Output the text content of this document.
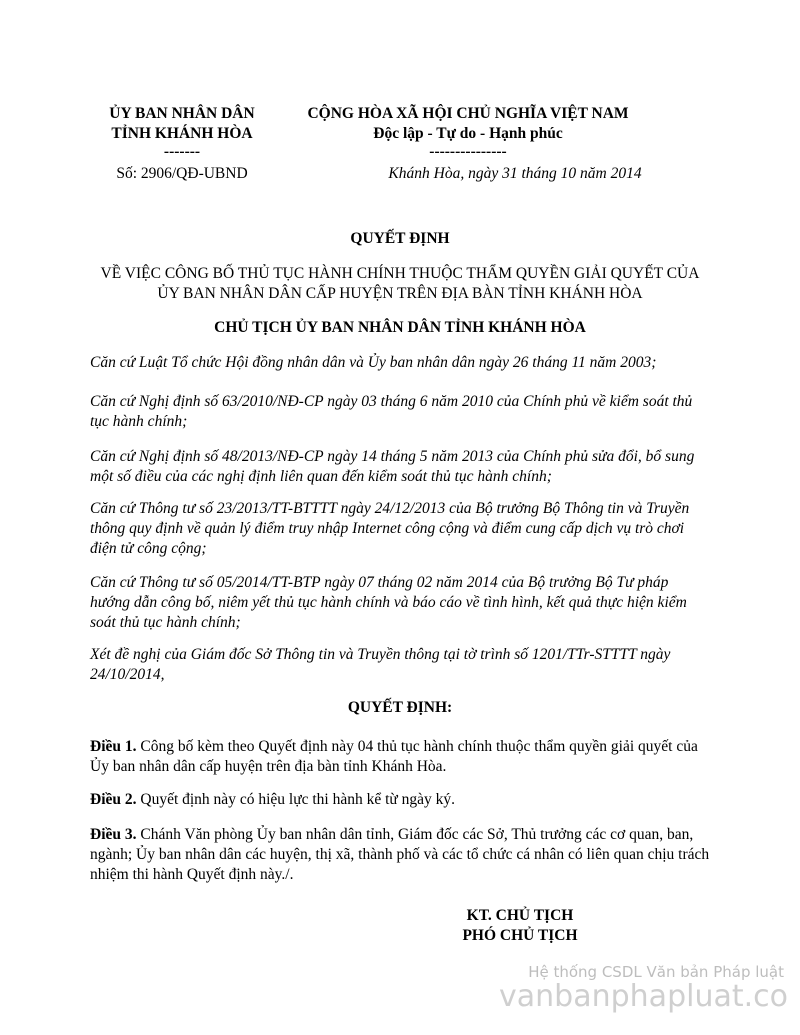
ỦY BAN NHÂN DÂN
TỈNH KHÁNH HÒA
-------
Số: 2906/QĐ-UBND
CỘNG HÒA XÃ HỘI CHỦ NGHĨA VIỆT NAM
Độc lập - Tự do - Hạnh phúc
---------------
Khánh Hòa, ngày 31 tháng 10 năm 2014
QUYẾT ĐỊNH
VỀ VIỆC CÔNG BỐ THỦ TỤC HÀNH CHÍNH THUỘC THẨM QUYỀN GIẢI QUYẾT CỦA
ỦY BAN NHÂN DÂN CẤP HUYỆN TRÊN ĐỊA BÀN TỈNH KHÁNH HÒA
CHỦ TỊCH ỦY BAN NHÂN DÂN TỈNH KHÁNH HÒA
Căn cứ Luật Tổ chức Hội đồng nhân dân và Ủy ban nhân dân ngày 26 tháng 11 năm 2003;
Căn cứ Nghị định số 63/2010/NĐ-CP ngày 03 tháng 6 năm 2010 của Chính phủ về kiểm soát thủ tục hành chính;
Căn cứ Nghị định số 48/2013/NĐ-CP ngày 14 tháng 5 năm 2013 của Chính phủ sửa đổi, bổ sung một số điều của các nghị định liên quan đến kiểm soát thủ tục hành chính;
Căn cứ Thông tư số 23/2013/TT-BTTTT ngày 24/12/2013 của Bộ trưởng Bộ Thông tin và Truyền thông quy định về quản lý điểm truy nhập Internet công cộng và điểm cung cấp dịch vụ trò chơi điện tử công cộng;
Căn cứ Thông tư số 05/2014/TT-BTP ngày 07 tháng 02 năm 2014 của Bộ trưởng Bộ Tư pháp hướng dẫn công bố, niêm yết thủ tục hành chính và báo cáo về tình hình, kết quả thực hiện kiểm soát thủ tục hành chính;
Xét đề nghị của Giám đốc Sở Thông tin và Truyền thông tại tờ trình số 1201/TTr-STTTT ngày 24/10/2014,
QUYẾT ĐỊNH:
Điều 1. Công bố kèm theo Quyết định này 04 thủ tục hành chính thuộc thẩm quyền giải quyết của Ủy ban nhân dân cấp huyện trên địa bàn tỉnh Khánh Hòa.
Điều 2. Quyết định này có hiệu lực thi hành kể từ ngày ký.
Điều 3. Chánh Văn phòng Ủy ban nhân dân tỉnh, Giám đốc các Sở, Thủ trưởng các cơ quan, ban, ngành; Ủy ban nhân dân các huyện, thị xã, thành phố và các tổ chức cá nhân có liên quan chịu trách nhiệm thi hành Quyết định này./.
KT. CHỦ TỊCH
PHÓ CHỦ TỊCH
Hệ thống CSDL Văn bản Pháp luật
vanbanphapluat.co
